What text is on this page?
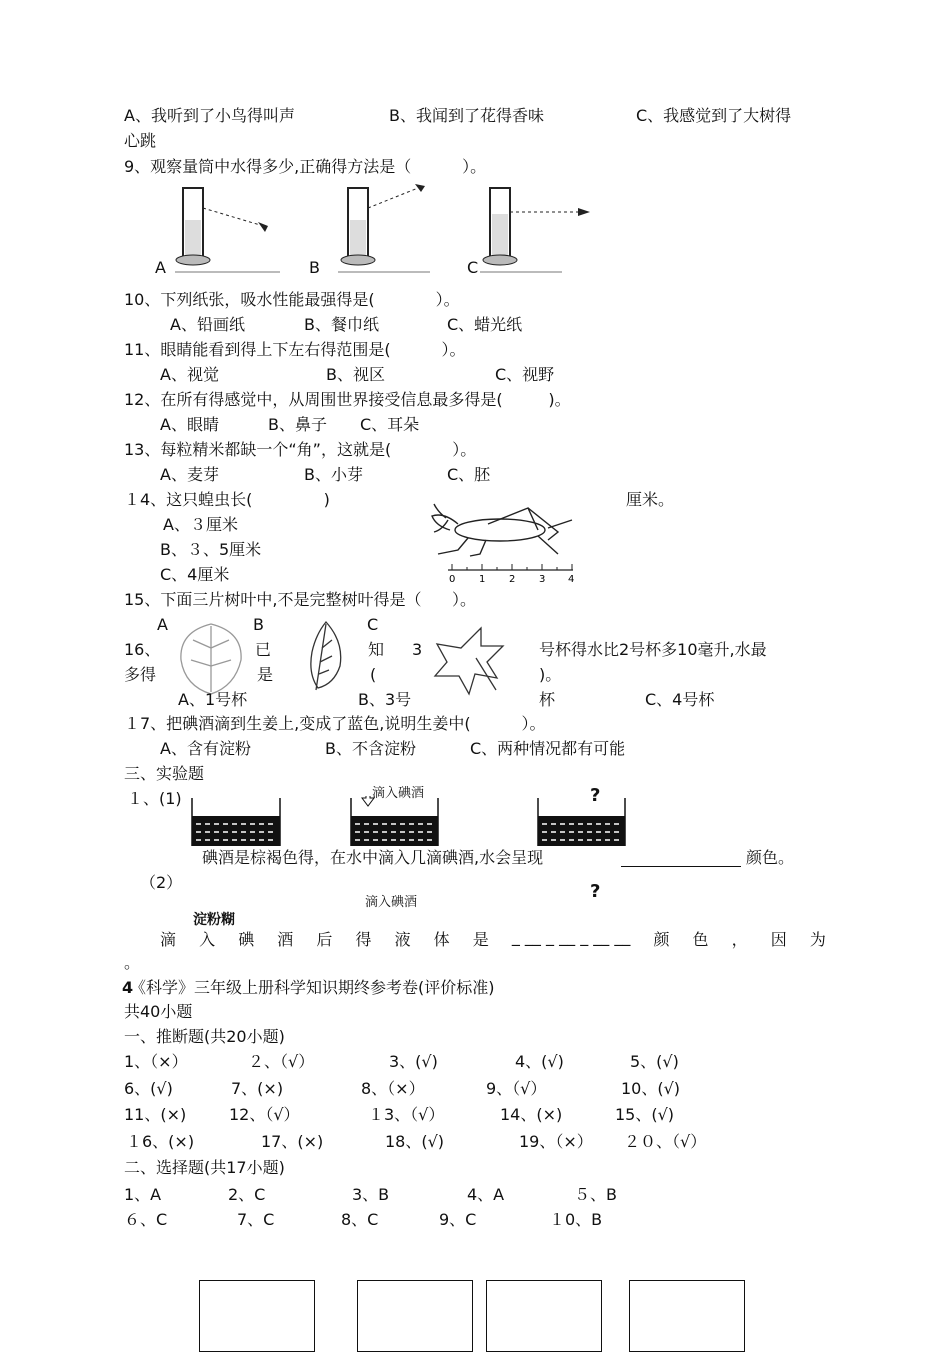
A、我听到了小鸟得叫声	B、我闻到了花得香味	C、我感觉到了大树得
心跳
9、观察量筒中水得多少,正确得方法是（          ）。
A	B	C
10、下列纸张，吸水性能最强得是(            ）。
A、铅画纸	B、餐巾纸	C、蜡光纸
11、眼睛能看到得上下左右得范围是(          ）。
A、视觉	B、视区	C、视野
12、在所有得感觉中，从周围世界接受信息最多得是(         )。
A、眼睛	B、鼻子 C、耳朵
13、每粒精米都缺一个“角”，这就是(            ）。
A、麦芽	B、小芽	C、胚
１4、这只蝗虫长(              )	厘米。
A、３厘米
B、３、5厘米
C、4厘米	0 1 2 3 4
15、下面三片树叶中,不是完整树叶得是（      ）。
A	B	C
16、	已	知 3	号杯得水比2号杯多10毫升,水最
多得	是	(	)。
A、1号杯	B、3号	杯	C、4号杯
１7、把碘酒滴到生姜上,变成了蓝色,说明生姜中(          ）。
A、含有淀粉	B、不含淀粉	C、两种情况都有可能
三、实验题
１、(1)	滴入碘酒	?
碘酒是棕褐色得，在水中滴入几滴碘酒,水会呈现	颜色。
（2）
滴入碘酒
?
淀粉糊
滴 入 碘 酒 后 得 液 体 是 _ __ _ __ _ __ __ 颜 色 ， 因 为
。
4
《科学》三年级上册科学知识期终参考卷(评价标准)
共40小题
一、推断题(共20小题)
1、（×）	２、（√）	3、(√)	4、(√)	5、(√)
6、(√)	7、(×)	8、（×）	9、（√）	10、(√)
11、(×)	12、（√）	１3、（√）	14、(×)	15、(√)
１6、(×)	17、(×)	18、(√)	19、（×） ２０、（√）
二、选择题(共17小题)
1、A	2、C	3、B	4、A	５、B
６、C	7、C	8、C	9、C	１0、B
